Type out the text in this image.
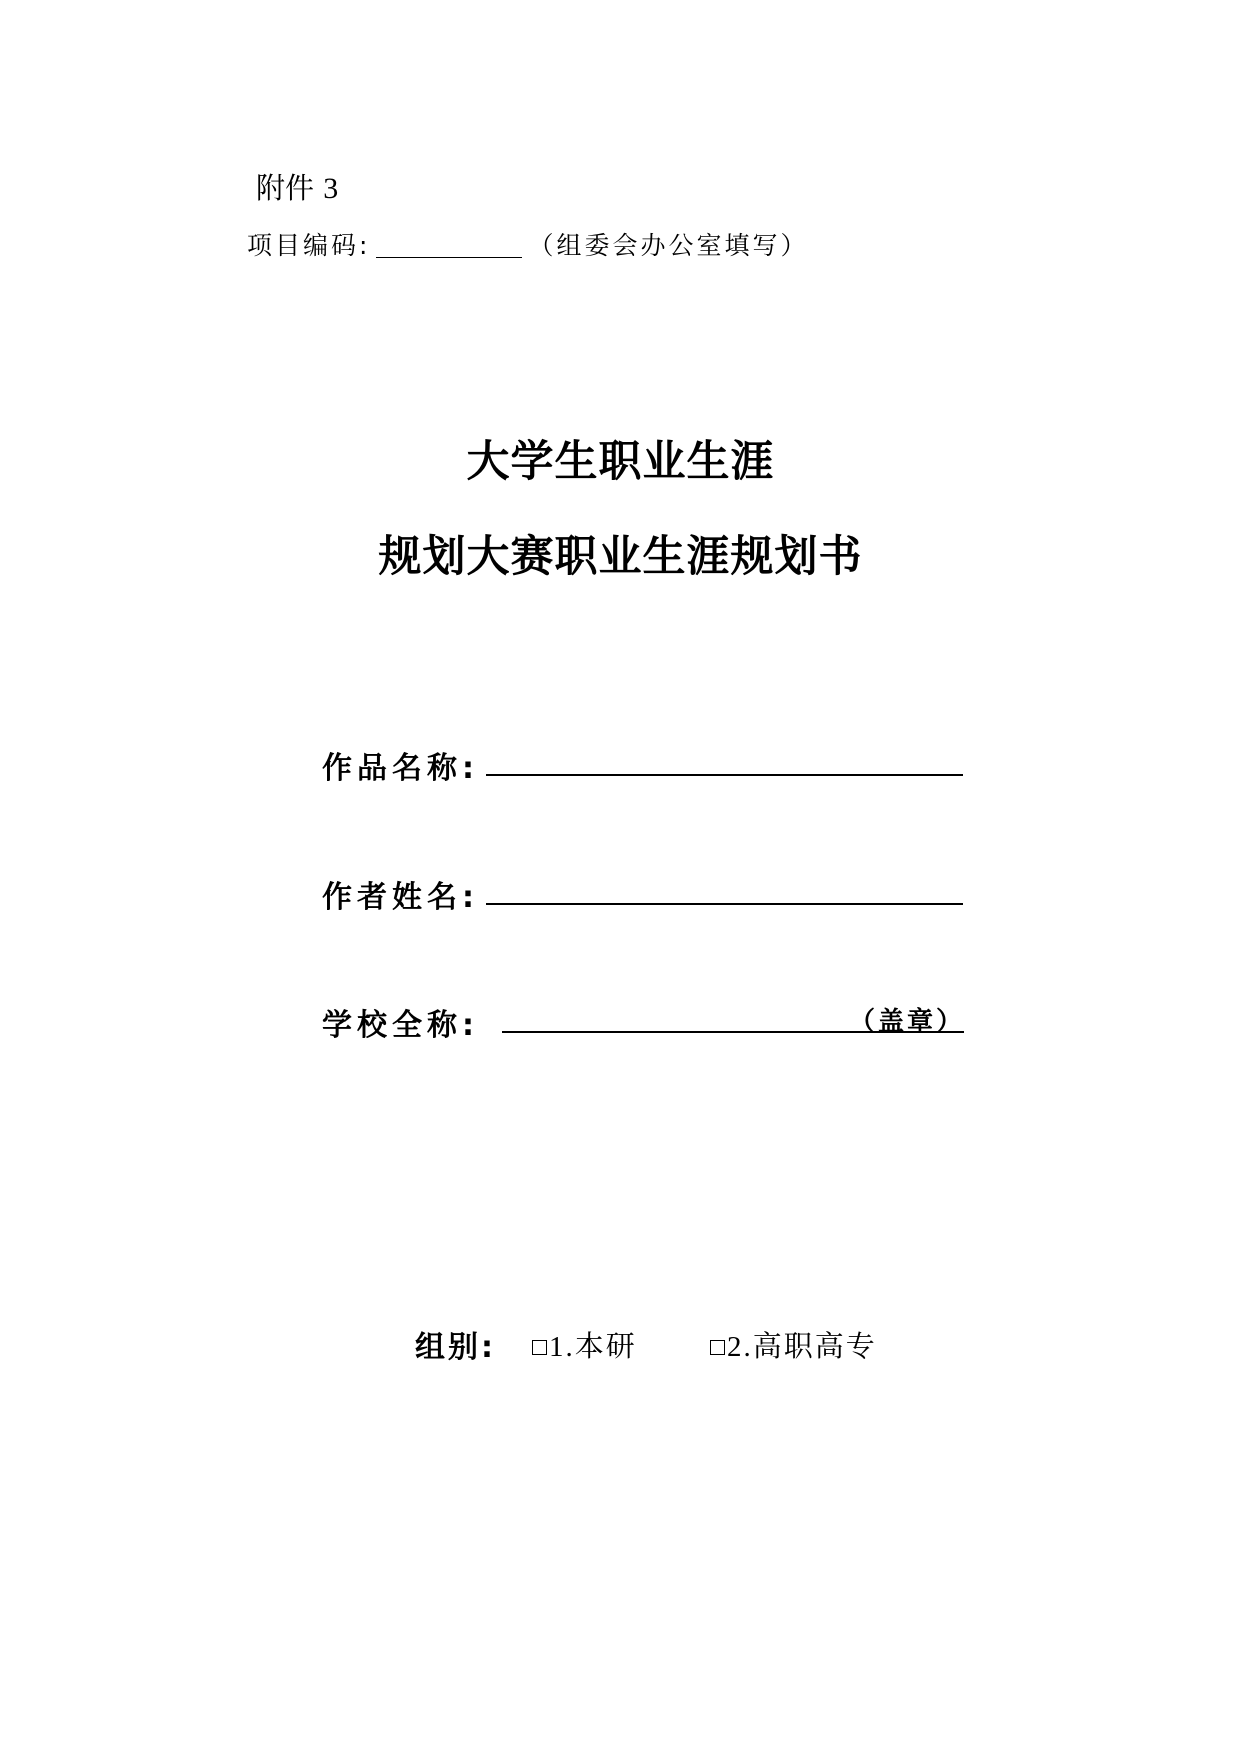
附件 3
项目编码:	（组委会办公室填写）
大学生职业生涯
规划大赛职业生涯规划书
作品名称:
作者姓名:
学校全称:	（盖章）
组别:	1.本研	2.高职高专
